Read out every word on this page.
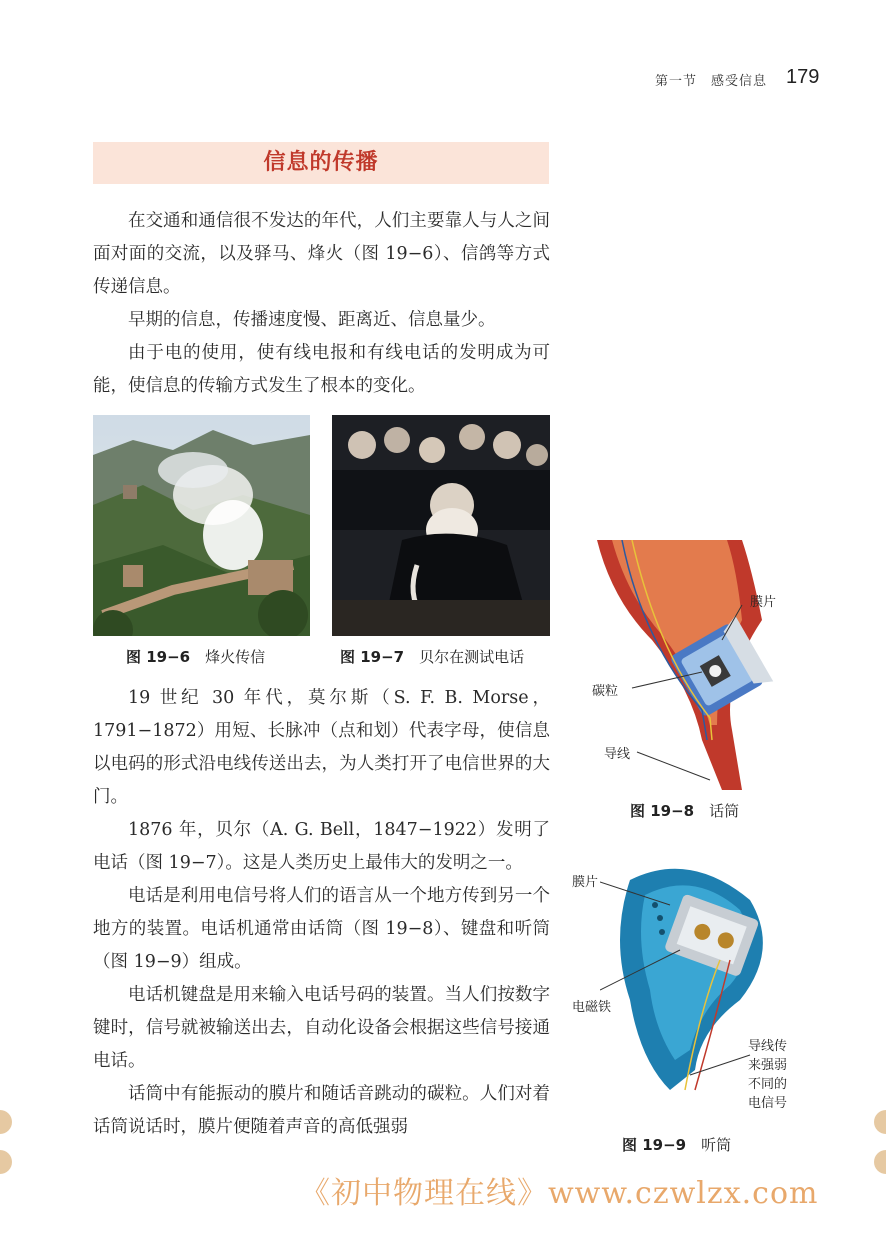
第一节　感受信息 179
信息的传播

在交通和通信很不发达的年代，人们主要靠人与人之间面对面的交流，以及驿马、烽火（图 19−6）、信鸽等方式传递信息。

早期的信息，传播速度慢、距离近、信息量少。

由于电的使用，使有线电报和有线电话的发明成为可能，使信息的传输方式发生了根本的变化。

图 19−6　 烽火传信	图 19−7　 贝尔在测试电话

19 世纪 30 年代，莫尔斯（S. F. B. Morse，1791−1872）用短、长脉冲（点和划）代表字母，使信息以电码的形式沿电线传送出去，为人类打开了电信世界的大门。

1876 年，贝尔（A. G. Bell，1847−1922）发明了电话（图 19−7）。这是人类历史上最伟大的发明之一。

电话是利用电信号将人们的语言从一个地方传到另一个地方的装置。电话机通常由话筒（图 19−8）、键盘和听筒（图 19−9）组成。

电话机键盘是用来输入电话号码的装置。当人们按数字键时，信号就被输送出去，自动化设备会根据这些信号接通电话。

话筒中有能振动的膜片和随话音跳动的碳粒。人们对着话筒说话时，膜片便随着声音的高低强弱

膜片
碳粒
导线
图 19−8　 话筒
膜片
电磁铁
导线传
来强弱
不同的
电信号
图 19−9　 听筒
《初中物理在线》www.czwlzx.com
